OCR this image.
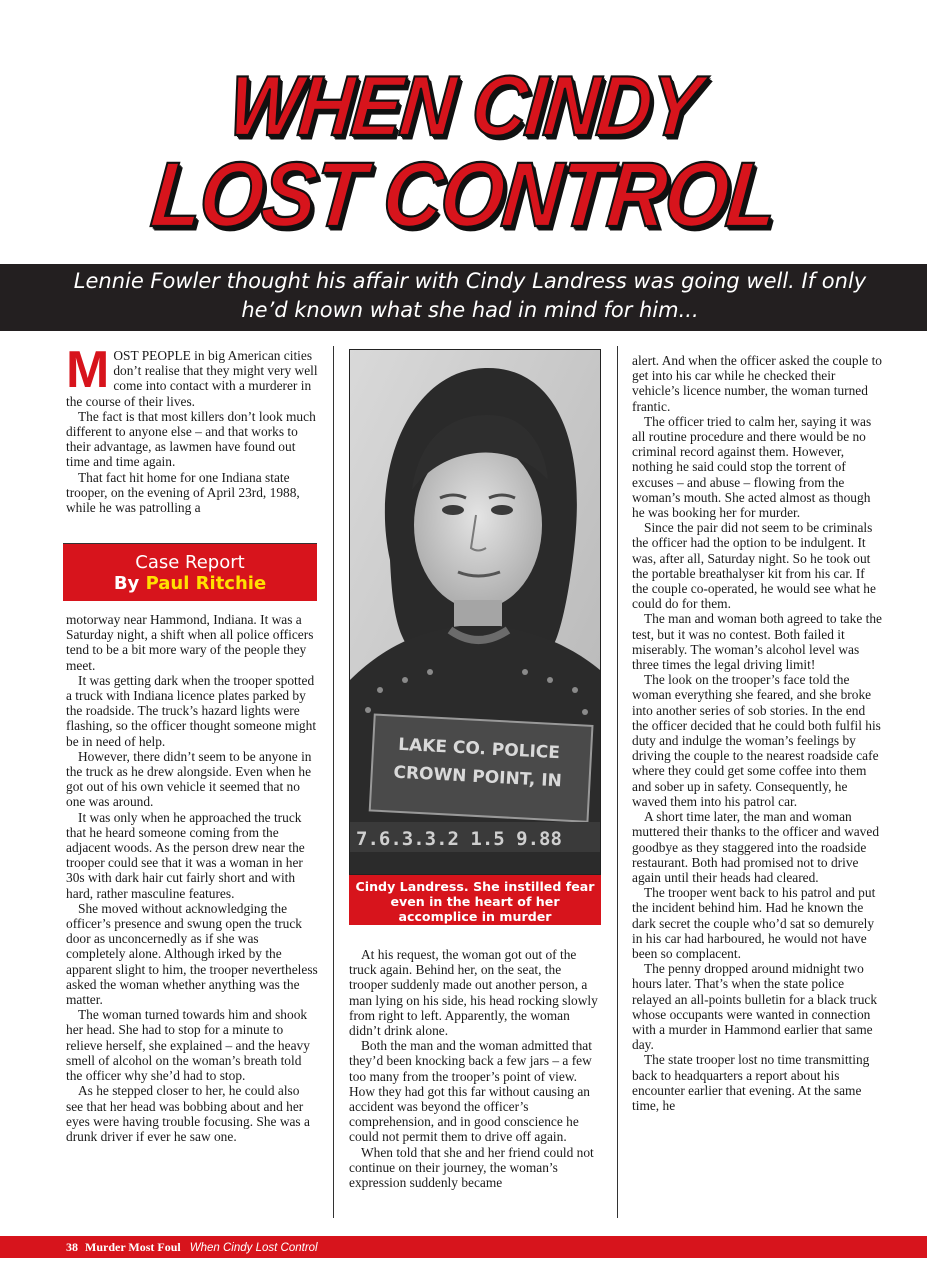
WHEN CINDY
LOST CONTROL
Lennie Fowler thought his affair with Cindy Landress was going well. If only he’d known what she had in mind for him...

MOST PEOPLE in big American cities don’t realise that they might very well come into contact with a murderer in the course of their lives.

The fact is that most killers don’t look much different to anyone else – and that works to their advantage, as lawmen have found out time and time again.

That fact hit home for one Indiana state trooper, on the evening of April 23rd, 1988, while he was patrolling a

Case Report
By Paul Ritchie

motorway near Hammond, Indiana. It was a Saturday night, a shift when all police officers tend to be a bit more wary of the people they meet.

It was getting dark when the trooper spotted a truck with Indiana licence plates parked by the roadside. The truck’s hazard lights were flashing, so the officer thought someone might be in need of help.

However, there didn’t seem to be anyone in the truck as he drew alongside. Even when he got out of his own vehicle it seemed that no one was around.

It was only when he approached the truck that he heard someone coming from the adjacent woods. As the person drew near the trooper could see that it was a woman in her 30s with dark hair cut fairly short and with hard, rather masculine features.

She moved without acknowledging the officer’s presence and swung open the truck door as unconcernedly as if she was completely alone. Although irked by the apparent slight to him, the trooper nevertheless asked the woman whether anything was the matter.

The woman turned towards him and shook her head. She had to stop for a minute to relieve herself, she explained – and the heavy smell of alcohol on the woman’s breath told the officer why she’d had to stop.

As he stepped closer to her, he could also see that her head was bobbing about and her eyes were having trouble focusing. She was a drunk driver if ever he saw one.

LAKE CO. POLICE
CROWN POINT, IN
7.6.3.3.2 1.5 9.88
Cindy Landress. She instilled fear even in the heart of her accomplice in murder

At his request, the woman got out of the truck again. Behind her, on the seat, the trooper suddenly made out another person, a man lying on his side, his head rocking slowly from right to left. Apparently, the woman didn’t drink alone.

Both the man and the woman admitted that they’d been knocking back a few jars – a few too many from the trooper’s point of view. How they had got this far without causing an accident was beyond the officer’s comprehension, and in good conscience he could not permit them to drive off again.

When told that she and her friend could not continue on their journey, the woman’s expression suddenly became

alert. And when the officer asked the couple to get into his car while he checked their vehicle’s licence number, the woman turned frantic.

The officer tried to calm her, saying it was all routine procedure and there would be no criminal record against them. However, nothing he said could stop the torrent of excuses – and abuse – flowing from the woman’s mouth. She acted almost as though he was booking her for murder.

Since the pair did not seem to be criminals the officer had the option to be indulgent. It was, after all, Saturday night. So he took out the portable breathalyser kit from his car. If the couple co-operated, he would see what he could do for them.

The man and woman both agreed to take the test, but it was no contest. Both failed it miserably. The woman’s alcohol level was three times the legal driving limit!

The look on the trooper’s face told the woman everything she feared, and she broke into another series of sob stories. In the end the officer decided that he could both fulfil his duty and indulge the woman’s feelings by driving the couple to the nearest roadside cafe where they could get some coffee into them and sober up in safety. Consequently, he waved them into his patrol car.

A short time later, the man and woman muttered their thanks to the officer and waved goodbye as they staggered into the roadside restaurant. Both had promised not to drive again until their heads had cleared.

The trooper went back to his patrol and put the incident behind him. Had he known the dark secret the couple who’d sat so demurely in his car had harboured, he would not have been so complacent.

The penny dropped around midnight two hours later. That’s when the state police relayed an all-points bulletin for a black truck whose occupants were wanted in connection with a murder in Hammond earlier that same day.

The state trooper lost no time transmitting back to headquarters a report about his encounter earlier that evening. At the same time, he

38 Murder Most Foul When Cindy Lost Control
